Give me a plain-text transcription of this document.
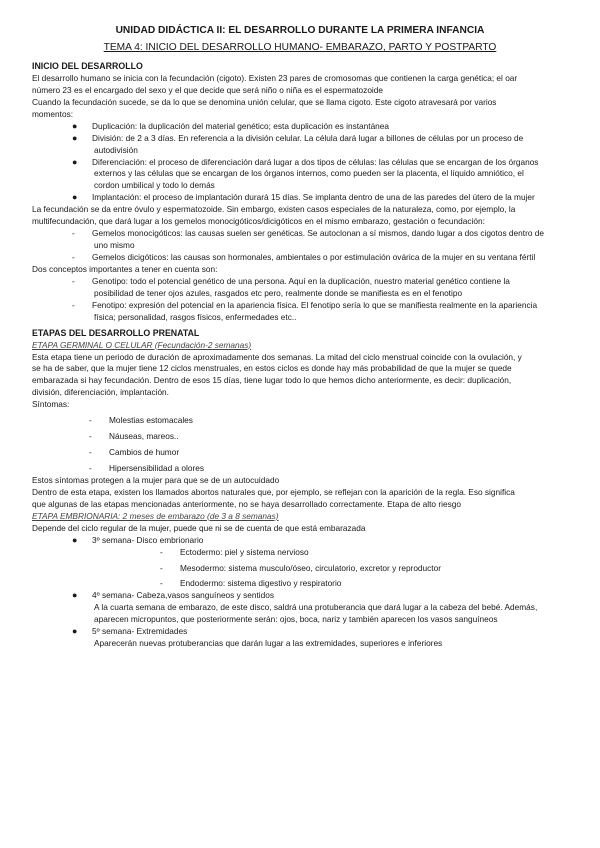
UNIDAD DIDÁCTICA II: EL DESARROLLO DURANTE LA PRIMERA INFANCIA
TEMA 4: INICIO DEL DESARROLLO HUMANO- EMBARAZO, PARTO Y POSTPARTO
INICIO DEL DESARROLLO
El desarrollo humano se inicia con la fecundación (cigoto). Existen 23 pares de cromosomas que contienen la carga genética; el oar
número 23 es el encargado del sexo y el que decide que será niño o niña es el espermatozoide
Cuando la fecundación sucede, se da lo que se denomina unión celular, que se llama cigoto. Este cigoto atravesará por varios
momentos:
●	Duplicación: la duplicación del material genético; esta duplicación es instantánea
●	División: de 2 a 3 días. En referencia a la división celular. La célula dará lugar a billones de células por un proceso de
autodivisión
●	Diferenciación: el proceso de diferenciación dará lugar a dos tipos de células: las células que se encargan de los órganos
externos y las células que se encargan de los órganos internos, como pueden ser la placenta, el líquido amniótico, el
cordon umbilical y todo lo demás
●	Implantación: el proceso de implantación durará 15 días. Se implanta dentro de una de las paredes del útero de la mujer
La fecundación se da entre óvulo y espermatozoide. Sin embargo, existen casos especiales de la naturaleza, como, por ejemplo, la
multifecundación, que dará lugar a los gemelos monocigóticos/dicigóticos en el mismo embarazo, gestación o fecundación:
-	Gemelos monocigóticos: las causas suelen ser genéticas. Se autoclonan a sí mismos, dando lugar a dos cigotos dentro de
uno mismo
-	Gemelos dicigóticos: las causas son hormonales, ambientales o por estimulación ovárica de la mujer en su ventana fértil
Dos conceptos importantes a tener en cuenta son:
-	Genotipo: todo el potencial genético de una persona. Aquí en la duplicación, nuestro material genético contiene la
posibilidad de tener ojos azules, rasgados etc pero, realmente donde se manifiesta es en el fenotipo
-	Fenotipo: expresión del potencial en la apariencia física. El fenotipo sería lo que se manifiesta realmente en la apariencia
física; personalidad, rasgos físicos, enfermedades etc..
ETAPAS DEL DESARROLLO PRENATAL
ETAPA GERMINAL O CELULAR (Fecundación-2 semanas)
Esta etapa tiene un periodo de duración de aproximadamente dos semanas. La mitad del ciclo menstrual coincide con la ovulación, y
se ha de saber, que la mujer tiene 12 ciclos menstruales, en estos ciclos es donde hay más probabilidad de que la mujer se quede
embarazada si hay fecundación. Dentro de esos 15 días, tiene lugar todo lo que hemos dicho anteriormente, es decir: duplicación,
división, diferenciación, implantación.
Síntomas:
-	Molestias estomacales
-	Náuseas, mareos..
-	Cambios de humor
-	Hipersensibilidad a olores
Estos síntomas protegen a la mujer para que se de un autocuidado
Dentro de esta etapa, existen los llamados abortos naturales que, por ejemplo, se reflejan con la aparición de la regla. Eso significa
que algunas de las etapas mencionadas anteriormente, no se haya desarrollado correctamente. Etapa de alto riesgo
ETAPA EMBRIONARIA: 2 meses de embarazo (de 3 a 8 semanas)
Depende del ciclo regular de la mujer, puede que ni se de cuenta de que está embarazada
●	3º semana- Disco embrionario
-	Ectodermo: piel y sistema nervioso
-	Mesodermo: sistema musculo/óseo, circulatorio, excretor y reproductor
-	Endodermo: sistema digestivo y respiratorio
●	4º semana- Cabeza,vasos sanguíneos y sentidos
A la cuarta semana de embarazo, de este disco, saldrá una protuberancia que dará lugar a la cabeza del bebé. Además,
aparecen micropuntos, que posteriormente serán: ojos, boca, nariz y también aparecen los vasos sanguíneos
●	5º semana- Extremidades
Aparecerán nuevas protuberancias que darán lugar a las extremidades, superiores e inferiores
